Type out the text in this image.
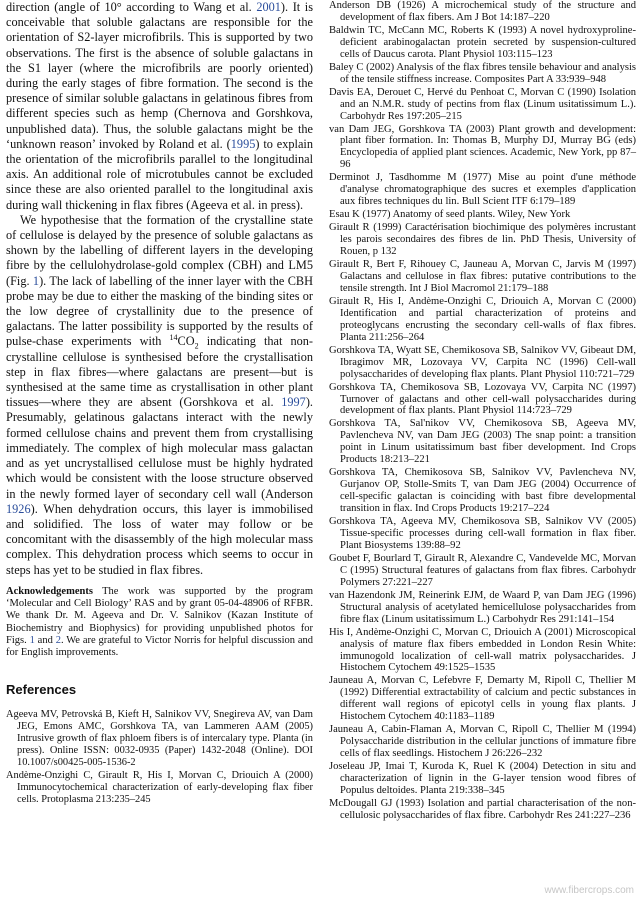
direction (angle of 10° according to Wang et al. 2001). It is conceivable that soluble galactans are responsible for the orientation of S2-layer microfibrils. This is supported by two observations. The first is the absence of soluble galactans in the S1 layer (where the microfibrils are poorly oriented) during the early stages of fibre formation. The second is the presence of similar soluble galactans in gelatinous fibres from different species such as hemp (Chernova and Gorshkova, unpublished data). Thus, the soluble galactans might be the ‘unknown reason’ invoked by Roland et al. (1995) to explain the orientation of the microfibrils parallel to the longitudinal axis. An additional role of microtubules cannot be excluded since these are also oriented parallel to the longitudinal axis during wall thickening in flax fibres (Ageeva et al. in press).

We hypothesise that the formation of the crystalline state of cellulose is delayed by the presence of soluble galactans as shown by the labelling of different layers in the developing fibre by the cellulohydrolase-gold complex (CBH) and LM5 (Fig. 1). The lack of labelling of the inner layer with the CBH probe may be due to either the masking of the binding sites or the low degree of crystallinity due to the presence of galactans. The latter possibility is supported by the results of pulse-chase experiments with $^{14}CO_2$ indicating that non-crystalline cellulose is synthesised before the crystallisation step in flax fibres—where galactans are present—but is synthesised at the same time as crystallisation in other plant tissues—where they are absent (Gorshkova et al. 1997). Presumably, gelatinous galactans interact with the newly formed cellulose chains and prevent them from crystallising immediately. The complex of high molecular mass galactan and as yet uncrystallised cellulose must be highly hydrated which would be consistent with the loose structure observed in the newly formed layer of secondary cell wall (Anderson 1926). When dehydration occurs, this layer is immobilised and solidified. The loss of water may follow or be concomitant with the disassembly of the high molecular mass complex. This dehydration process which seems to occur in steps has yet to be studied in flax fibres.

Acknowledgements The work was supported by the program ‘Molecular and Cell Biology’ RAS and by grant 05-04-48906 of RFBR. We thank Dr. M. Ageeva and Dr. V. Salnikov (Kazan Institute of Biochemistry and Biophysics) for providing unpublished photos for Figs. 1 and 2. We are grateful to Victor Norris for helpful discussion and for English improvements.

References

Ageeva MV, Petrovská B, Kieft H, Salnikov VV, Snegireva AV, van Dam JEG, Emons AMC, Gorshkova TA, van Lammeren AAM (2005) Intrusive growth of flax phloem fibers is of intercalary type. Planta (in press). Online ISSN: 0032-0935 (Paper) 1432-2048 (Online). DOI 10.1007/s00425-005-1536-2

Andème-Onzighi C, Girault R, His I, Morvan C, Driouich A (2000) Immunocytochemical characterization of early-developing flax fiber cells. Protoplasma 213:235–245

Anderson DB (1926) A microchemical study of the structure and development of flax fibers. Am J Bot 14:187–220

Baldwin TC, McCann MC, Roberts K (1993) A novel hydroxyproline-deficient arabinogalactan protein secreted by suspension-cultured cells of Daucus carota. Plant Physiol 103:115–123

Baley C (2002) Analysis of the flax fibres tensile behaviour and analysis of the tensile stiffness increase. Composites Part A 33:939–948

Davis EA, Derouet C, Hervé du Penhoat C, Morvan C (1990) Isolation and an N.M.R. study of pectins from flax (Linum usitatissimum L.). Carbohydr Res 197:205–215

van Dam JEG, Gorshkova TA (2003) Plant growth and development: plant fiber formation. In: Thomas B, Murphy DJ, Murray BG (eds) Encyclopedia of applied plant sciences. Academic, New York, pp 87–96

Derminot J, Tasdhomme M (1977) Mise au point d'une méthode d'analyse chromatographique des sucres et exemples d'application aux fibres techniques du lin. Bull Scient ITF 6:179–189

Esau K (1977) Anatomy of seed plants. Wiley, New York

Girault R (1999) Caractérisation biochimique des polymères incrustant les parois secondaires des fibres de lin. PhD Thesis, University of Rouen, p 132

Girault R, Bert F, Rihouey C, Jauneau A, Morvan C, Jarvis M (1997) Galactans and cellulose in flax fibres: putative contributions to the tensile strength. Int J Biol Macromol 21:179–188

Girault R, His I, Andème-Onzighi C, Driouich A, Morvan C (2000) Identification and partial characterization of proteins and proteoglycans encrusting the secondary cell-walls of flax fibres. Planta 211:256–264

Gorshkova TA, Wyatt SE, Chemikosova SB, Salnikov VV, Gibeaut DM, Ibragimov MR, Lozovaya VV, Carpita NC (1996) Cell-wall polysaccharides of developing flax plants. Plant Physiol 110:721–729

Gorshkova TA, Chemikosova SB, Lozovaya VV, Carpita NC (1997) Turnover of galactans and other cell-wall polysaccharides during development of flax plants. Plant Physiol 114:723–729

Gorshkova TA, Sal'nikov VV, Chemikosova SB, Ageeva MV, Pavlencheva NV, van Dam JEG (2003) The snap point: a transition point in Linum usitatissimum bast fiber development. Ind Crops Products 18:213–221

Gorshkova TA, Chemikosova SB, Salnikov VV, Pavlencheva NV, Gurjanov OP, Stolle-Smits T, van Dam JEG (2004) Occurrence of cell-specific galactan is coinciding with bast fibre developmental transition in flax. Ind Crops Products 19:217–224

Gorshkova TA, Ageeva MV, Chemikosova SB, Salnikov VV (2005) Tissue-specific processes during cell-wall formation in flax fiber. Plant Biosystems 139:88–92

Goubet F, Bourlard T, Girault R, Alexandre C, Vandevelde MC, Morvan C (1995) Structural features of galactans from flax fibres. Carbohydr Polymers 27:221–227

van Hazendonk JM, Reinerink EJM, de Waard P, van Dam JEG (1996) Structural analysis of acetylated hemicellulose polysaccharides from fibre flax (Linum usitatissimum L.) Carbohydr Res 291:141–154

His I, Andème-Onzighi C, Morvan C, Driouich A (2001) Microscopical analysis of mature flax fibers embedded in London Resin White: immunogold localization of cell-wall matrix polysaccharides. J Histochem Cytochem 49:1525–1535

Jauneau A, Morvan C, Lefebvre F, Demarty M, Ripoll C, Thellier M (1992) Differential extractability of calcium and pectic substances in different wall regions of epicotyl cells in young flax plants. J Histochem Cytochem 40:1183–1189

Jauneau A, Cabin-Flaman A, Morvan C, Ripoll C, Thellier M (1994) Polysaccharide distribution in the cellular junctions of immature fibre cells of flax seedlings. Histochem J 26:226–232

Joseleau JP, Imai T, Kuroda K, Ruel K (2004) Detection in situ and characterization of lignin in the G-layer tension wood fibres of Populus deltoides. Planta 219:338–345

McDougall GJ (1993) Isolation and partial characterisation of the non-cellulosic polysaccharides of flax fibre. Carbohydr Res 241:227–236

www.fibercrops.com
